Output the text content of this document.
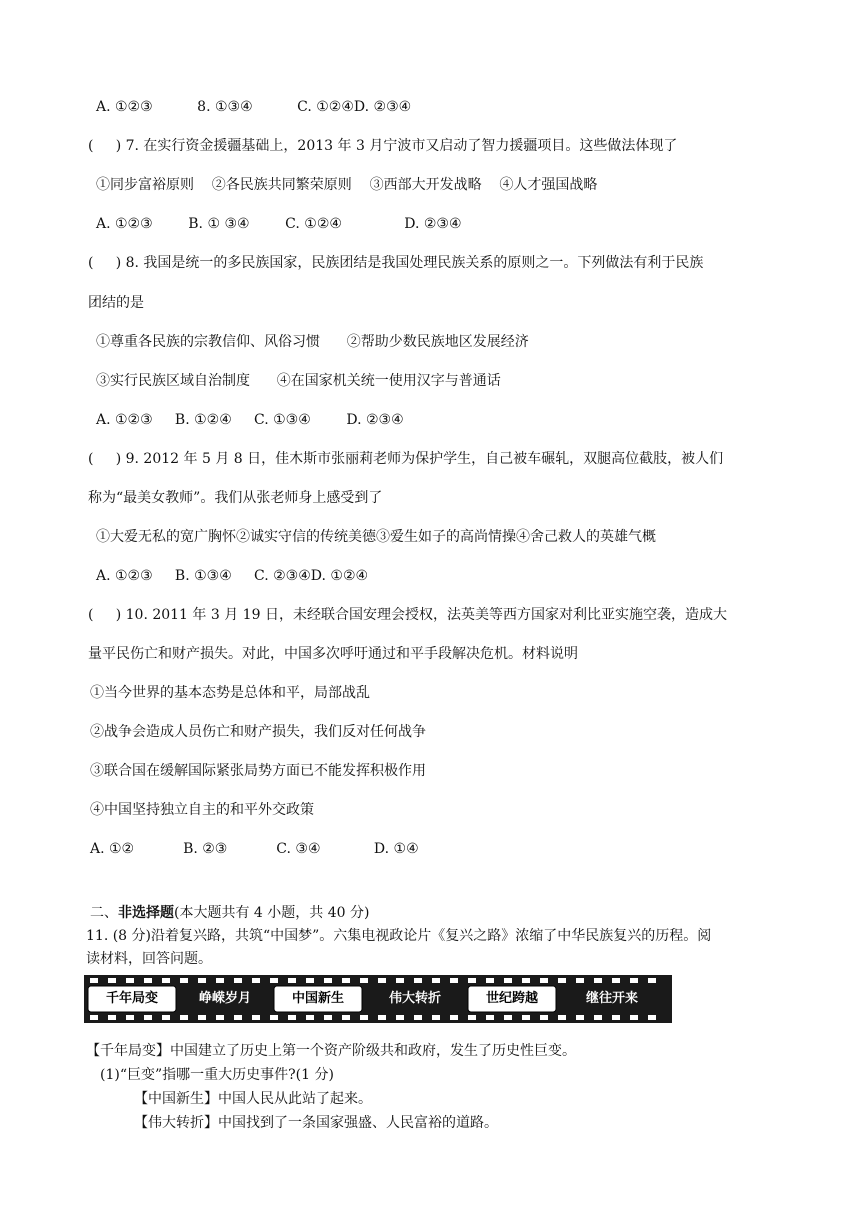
A. ①②③          8. ①③④          C. ①②④D. ②③④
(     ) 7. 在实行资金援疆基础上，2013 年 3 月宁波市又启动了智力援疆项目。这些做法体现了
①同步富裕原则    ②各民族共同繁荣原则    ③西部大开发战略    ④人才强国战略
A. ①②③        B. ① ③④        C. ①②④              D. ②③④
(     ) 8. 我国是统一的多民族国家，民族团结是我国处理民族关系的原则之一。下列做法有利于民族
团结的是
①尊重各民族的宗教信仰、风俗习惯      ②帮助少数民族地区发展经济
③实行民族区域自治制度      ④在国家机关统一使用汉字与普通话
A. ①②③     B. ①②④     C. ①③④        D. ②③④
(     ) 9. 2012 年 5 月 8 日，佳木斯市张丽莉老师为保护学生，自己被车碾轧，双腿高位截肢，被人们
称为“最美女教师”。我们从张老师身上感受到了
①大爱无私的宽广胸怀②诚实守信的传统美德③爱生如子的高尚情操④舍己救人的英雄气概
A. ①②③     B. ①③④     C. ②③④D. ①②④
(     ) 10. 2011 年 3 月 19 日，未经联合国安理会授权，法英美等西方国家对利比亚实施空袭，造成大
量平民伤亡和财产损失。对此，中国多次呼吁通过和平手段解决危机。材料说明
①当今世界的基本态势是总体和平，局部战乱
②战争会造成人员伤亡和财产损失，我们反对任何战争
③联合国在缓解国际紧张局势方面已不能发挥积极作用
④中国坚持独立自主的和平外交政策
A. ①②           B. ②③           C. ③④            D. ①④
二、非选择题(本大题共有 4 小题，共 40 分)
11. (8 分)沿着复兴路，共筑“中国梦”。六集电视政论片《复兴之路》浓缩了中华民族复兴的历程。阅
读材料，回答问题。
千年局变	峥嵘岁月	中国新生	伟大转折	世纪跨越	继往开来
【千年局变】中国建立了历史上第一个资产阶级共和政府，发生了历史性巨变。
(1)“巨变”指哪一重大历史事件?(1 分)
【中国新生】中国人民从此站了起来。
【伟大转折】中国找到了一条国家强盛、人民富裕的道路。
